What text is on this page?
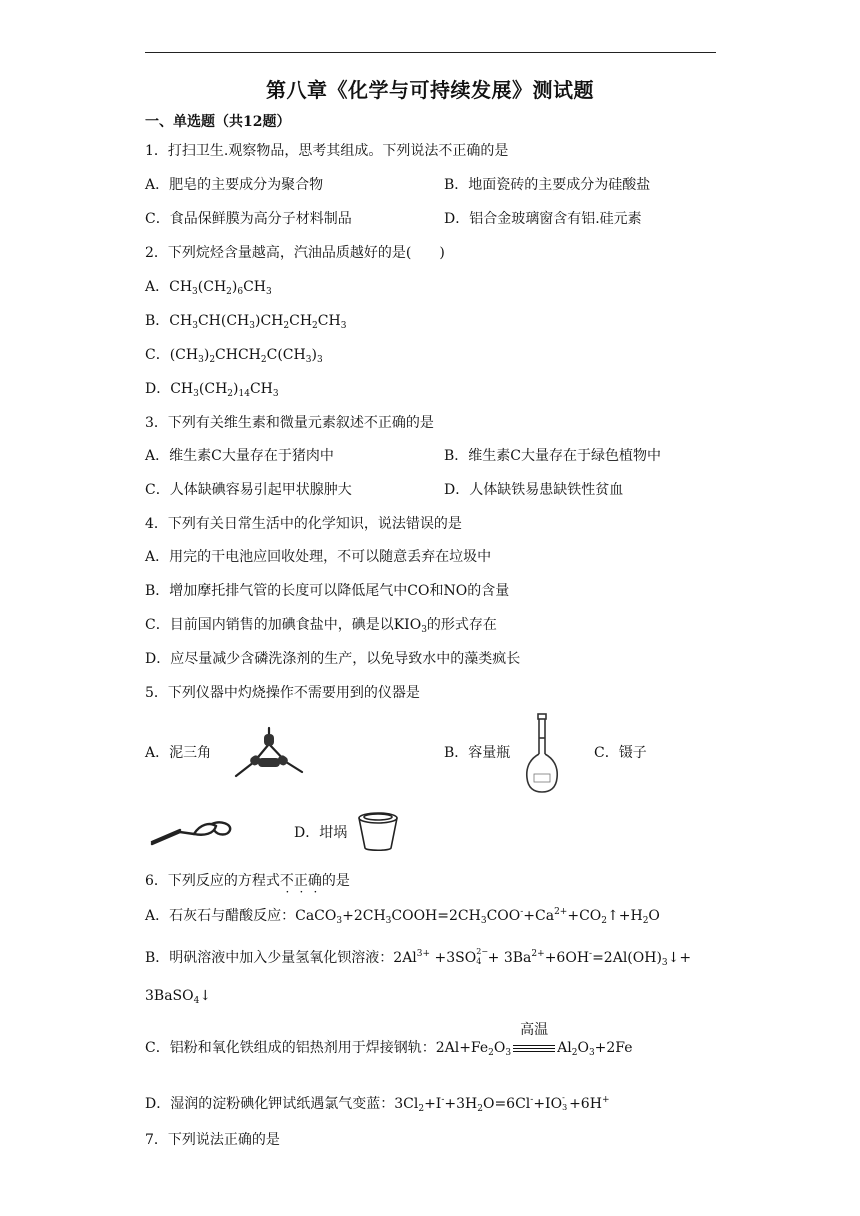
第八章《化学与可持续发展》测试题
一、单选题（共12题）
1．打扫卫生.观察物品，思考其组成。下列说法不正确的是
A．肥皂的主要成分为聚合物	B．地面瓷砖的主要成分为硅酸盐
C．食品保鲜膜为高分子材料制品	D．铝合金玻璃窗含有铝.硅元素
2．下列烷烃含量越高，汽油品质越好的是(　　)
A．$CH_3(CH_2)_6CH_3$
B．$CH_3CH(CH_3)CH_2CH_2CH_3$
C．$(CH_3)_2CHCH_2C(CH_3)_3$
D．$CH_3(CH_2)_{14}CH_3$
3．下列有关维生素和微量元素叙述不正确的是
A．维生素C大量存在于猪肉中	B．维生素C大量存在于绿色植物中
C．人体缺碘容易引起甲状腺肿大	D．人体缺铁易患缺铁性贫血
4．下列有关日常生活中的化学知识，说法错误的是
A．用完的干电池应回收处理，不可以随意丢弃在垃圾中
B．增加摩托排气管的长度可以降低尾气中CO和NO的含量
C．目前国内销售的加碘食盐中，碘是以$KIO_3$的形式存在
D．应尽量减少含磷洗涤剂的生产，以免导致水中的藻类疯长
5．下列仪器中灼烧操作不需要用到的仪器是
A．泥三角	B．容量瓶	C．镊子
D．坩埚
6．下列反应的方程式不正确的是
A．石灰石与醋酸反应：$CaCO_3+2CH_3COOH=2CH_3COO^-+Ca^{2+}+CO_2↑+H_2O$
B．明矾溶液中加入少量氢氧化钡溶液：$2Al^{3+} +3SO$ 2−
$4 + 3Ba^{2+}+6OH^-=2Al(OH)_3↓+$
3BaSO$_4$↓
C．铝粉和氧化铁组成的铝热剂用于焊接钢轨：$2Al+Fe_2O_3$
高温
$Al_2O_3+2Fe$
D．湿润的淀粉碘化钾试纸遇氯气变蓝：$3Cl_2+I^-+3H_2O=6Cl^-+IO$ -
3 +6H+
7．下列说法正确的是
